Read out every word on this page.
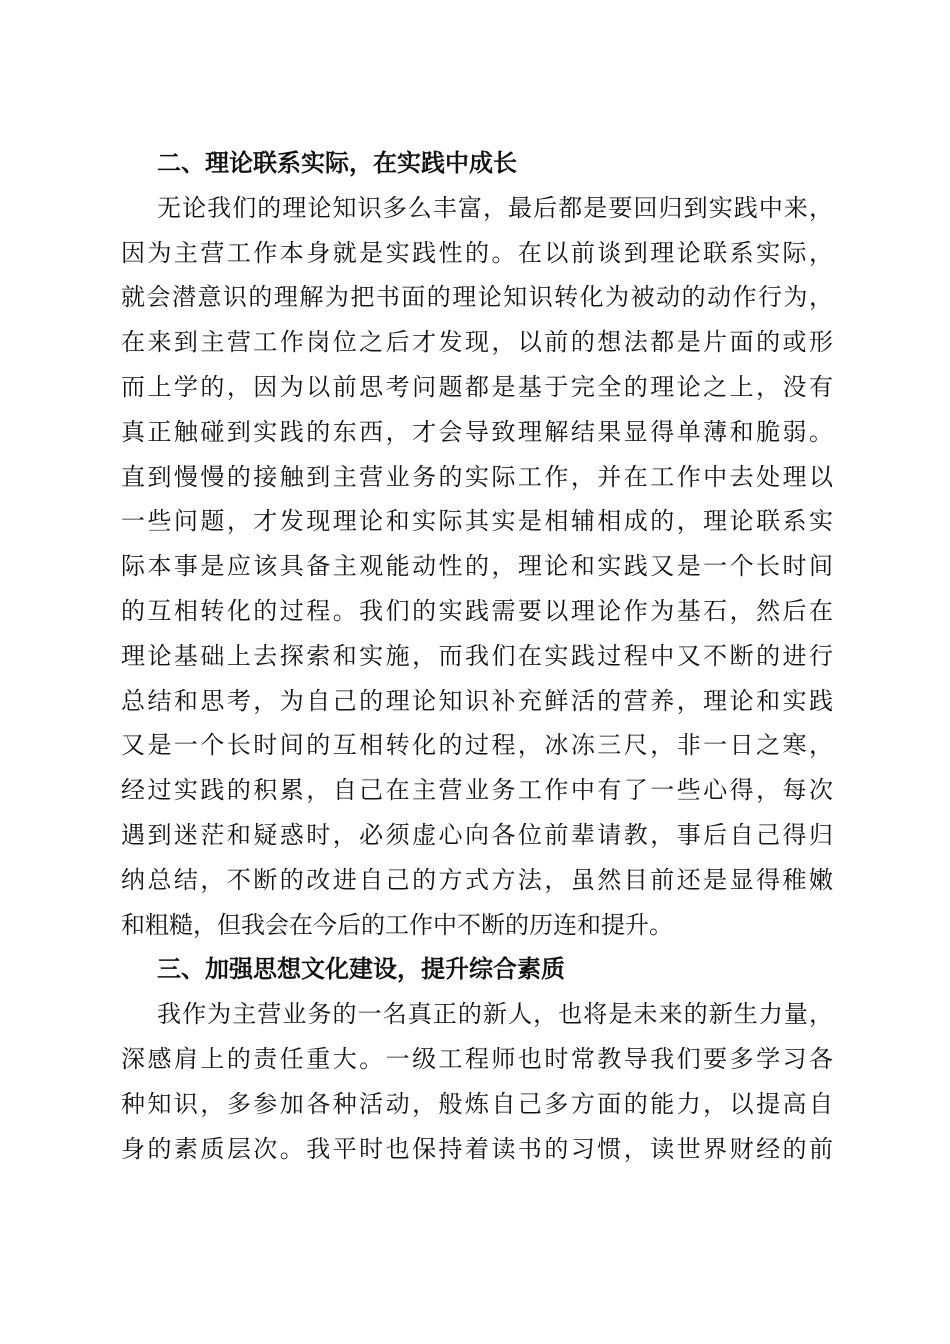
二、理论联系实际，在实践中成长
无论我们的理论知识多么丰富，最后都是要回归到实践中来，
因为主营工作本身就是实践性的。在以前谈到理论联系实际，
就会潜意识的理解为把书面的理论知识转化为被动的动作行为，
在来到主营工作岗位之后才发现，以前的想法都是片面的或形
而上学的，因为以前思考问题都是基于完全的理论之上，没有
真正触碰到实践的东西，才会导致理解结果显得单薄和脆弱。
直到慢慢的接触到主营业务的实际工作，并在工作中去处理以
一些问题，才发现理论和实际其实是相辅相成的，理论联系实
际本事是应该具备主观能动性的，理论和实践又是一个长时间
的互相转化的过程。我们的实践需要以理论作为基石，然后在
理论基础上去探索和实施，而我们在实践过程中又不断的进行
总结和思考，为自己的理论知识补充鲜活的营养，理论和实践
又是一个长时间的互相转化的过程，冰冻三尺，非一日之寒，
经过实践的积累，自己在主营业务工作中有了一些心得，每次
遇到迷茫和疑惑时，必须虚心向各位前辈请教，事后自己得归
纳总结，不断的改进自己的方式方法，虽然目前还是显得稚嫩
和粗糙，但我会在今后的工作中不断的历连和提升。
三、加强思想文化建设，提升综合素质
我作为主营业务的一名真正的新人，也将是未来的新生力量，
深感肩上的责任重大。一级工程师也时常教导我们要多学习各
种知识，多参加各种活动，般炼自己多方面的能力，以提高自
身的素质层次。我平时也保持着读书的习惯，读世界财经的前
